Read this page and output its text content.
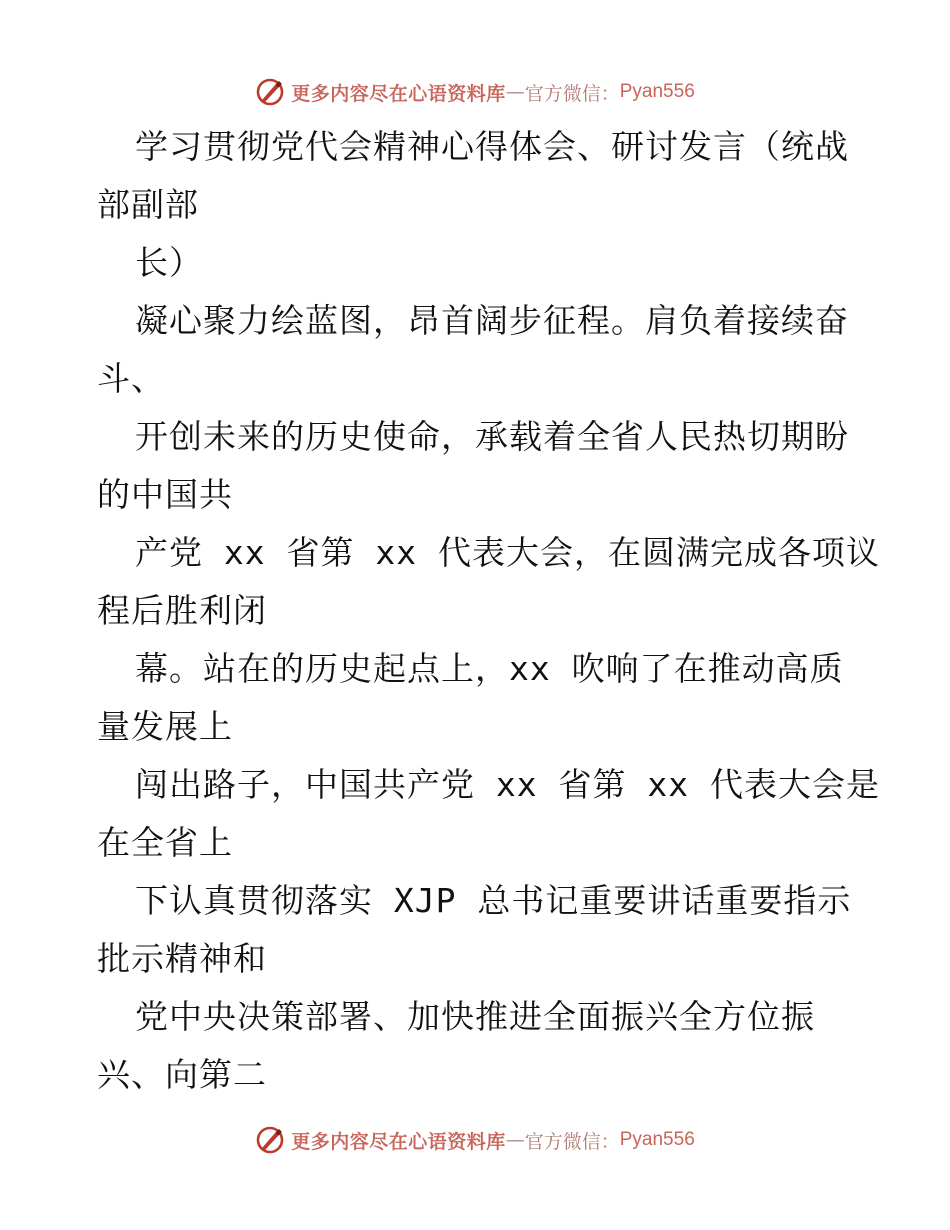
更多内容尽在心语资料库 — 官方微信： Pyan556
学习贯彻党代会精神心得体会、研讨发言（统战
部副部
长）
凝心聚力绘蓝图，昂首阔步征程。肩负着接续奋
斗、
开创未来的历史使命，承载着全省人民热切期盼
的中国共
产党 xx 省第 xx 代表大会，在圆满完成各项议
程后胜利闭
幕。站在的历史起点上，xx 吹响了在推动高质
量发展上
闯出路子，中国共产党 xx 省第 xx 代表大会是
在全省上
下认真贯彻落实 XJP 总书记重要讲话重要指示
批示精神和
党中央决策部署、加快推进全面振兴全方位振
兴、向第二
更多内容尽在心语资料库 — 官方微信： Pyan556
